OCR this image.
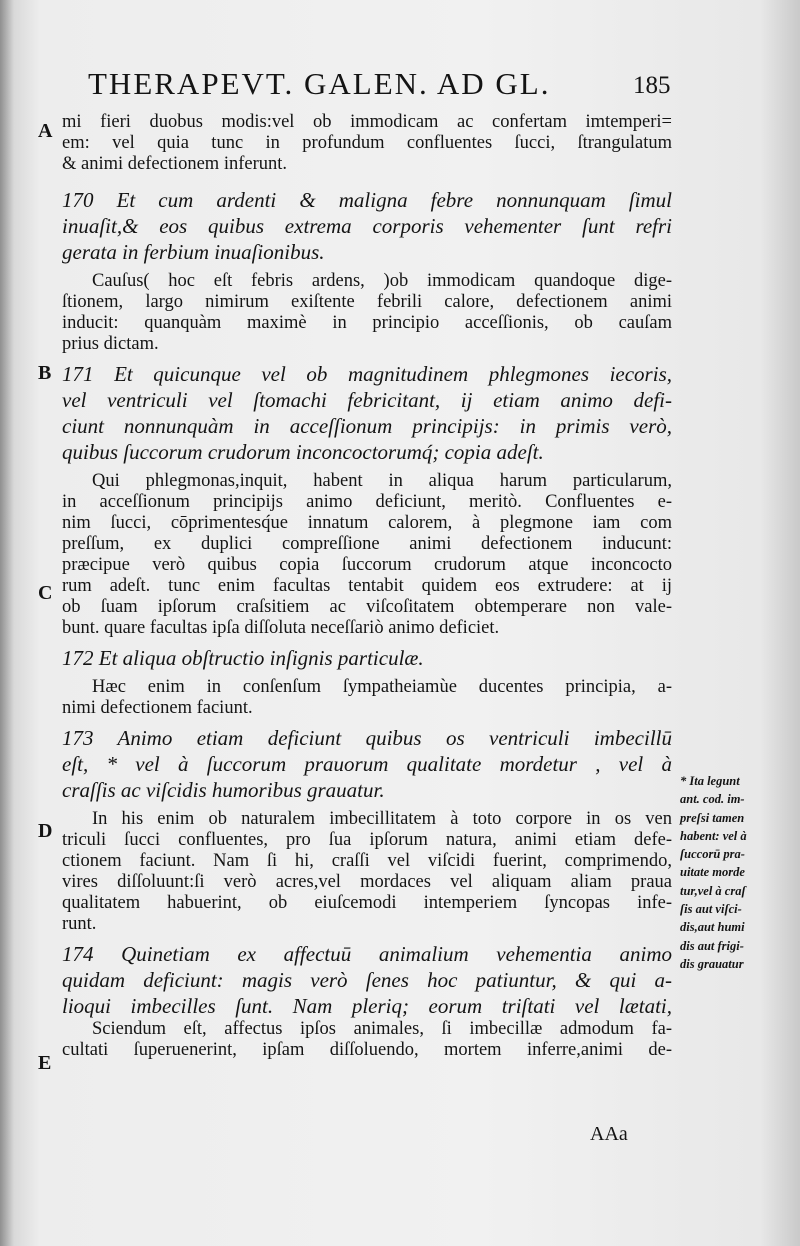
THERAPEVT. GALEN. AD GL.	185
A
B
C
D
E
mi fieri duobus modis:vel ob immodicam ac confertam imtemperi=
em: vel quia tunc in profundum confluentes ſucci, ſtrangulatum
& animi defectionem inferunt.
170 Et cum ardenti & maligna febre nonnunquam ſimul
inuaſit,& eos quibus extrema corporis vehementer ſunt refri
gerata in ferbium inuaſionibus.
Cauſus( hoc eſt febris ardens, )ob immodicam quandoque dige-
ſtionem, largo nimirum exiſtente febrili calore, defectionem animi
inducit: quanquàm maximè in principio acceſſionis, ob cauſam
prius dictam.
171 Et quicunque vel ob magnitudinem phlegmones iecoris,
vel ventriculi vel ſtomachi febricitant, ij etiam animo defi-
ciunt nonnunquàm in acceſſionum principijs: in primis verò,
quibus ſuccorum crudorum inconcoctorumq́; copia adeſt.
Qui phlegmonas,inquit, habent in aliqua harum particularum,
in acceſſionum principijs animo deficiunt, meritò. Confluentes e-
nim ſucci, cōprimentesq́ue innatum calorem, à plegmone iam com
preſſum, ex duplici compreſſione animi defectionem inducunt:
præcipue verò quibus copia ſuccorum crudorum atque inconcocto
rum adeſt. tunc enim facultas tentabit quidem eos extrudere: at ij
ob ſuam ipſorum craſsitiem ac viſcoſitatem obtemperare non vale-
bunt. quare facultas ipſa diſſoluta neceſſariò animo deficiet.
172 Et aliqua obſtructio inſignis particulæ.
Hæc enim in conſenſum ſympatheiamùe ducentes principia, a-
nimi defectionem faciunt.
173 Animo etiam deficiunt quibus os ventriculi imbecillū
eſt, * vel à ſuccorum prauorum qualitate mordetur , vel à
craſſis ac viſcidis humoribus grauatur.
In his enim ob naturalem imbecillitatem à toto corpore in os ven
triculi ſucci confluentes, pro ſua ipſorum natura, animi etiam defe-
ctionem faciunt. Nam ſi hi, craſſi vel viſcidi fuerint, comprimendo,
vires diſſoluunt:ſi verò acres,vel mordaces vel aliquam aliam praua
qualitatem habuerint, ob eiuſcemodi intemperiem ſyncopas infe-
runt.
174 Quinetiam ex affectuū animalium vehementia animo
quidam deficiunt: magis verò ſenes hoc patiuntur, & qui a-
lioqui imbecilles ſunt. Nam pleriq; eorum triſtati vel lætati,
Sciendum eſt, affectus ipſos animales, ſi imbecillæ admodum fa-
cultati ſuperuenerint, ipſam diſſoluendo, mortem inferre,animi de-
* Ita legunt
ant. cod. im-
preſsi tamen
habent: vel à
ſuccorū pra-
uitate morde
tur,vel à craſ
ſis aut viſci-
dis,aut humi
dis aut frigi-
dis grauatur
AAa
